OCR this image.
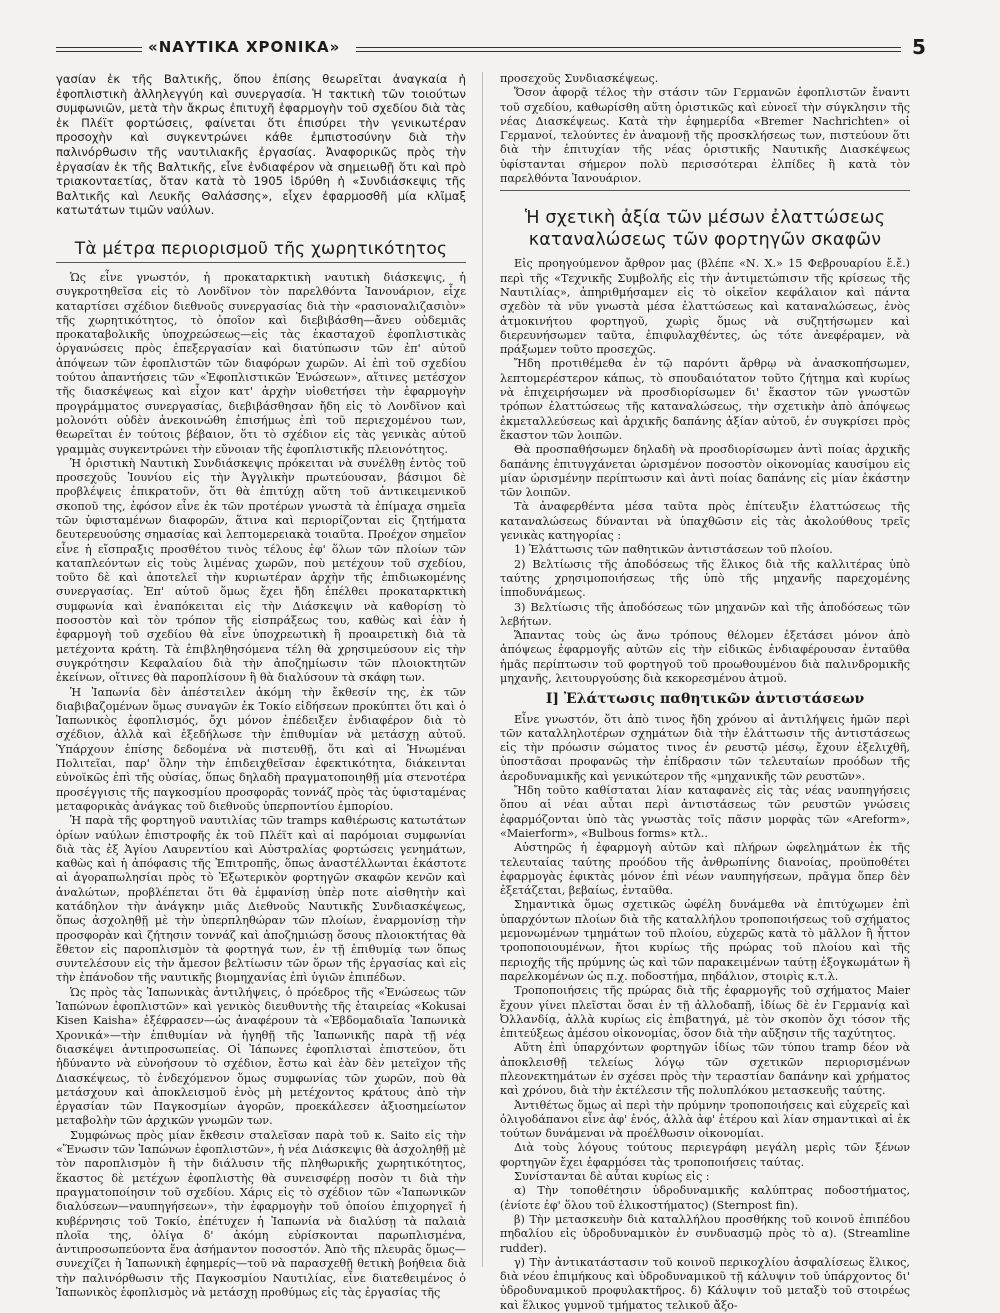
«ΝΑΥΤΙΚΑ ΧΡΟΝΙΚΑ»	5

γασίαν ἐκ τῆς Βαλτικῆς, ὅπου ἐπίσης θεωρεῖται ἀναγκαία ἡ ἐφοπλιστικὴ ἀλληλεγγύη καὶ συνεργασία. Ἡ τακτικὴ τῶν τοιούτων συμφωνιῶν, μετὰ τὴν ἄκρως ἐπιτυχῆ ἐφαρμογὴν τοῦ σχεδίου διὰ τὰς ἐκ Πλέϊτ φορτώσεις, φαίνεται ὅτι ἐπισύρει τὴν γενικωτέραν προσοχὴν καὶ συγκεντρώνει κάθε ἐμπιστοσύνην διὰ τὴν παλινόρθωσιν τῆς ναυτιλιακῆς ἐργασίας. Ἀναφορικῶς πρὸς τὴν ἐργασίαν ἐκ τῆς Βαλτικῆς, εἶνε ἐνδιαφέρον νὰ σημειωθῇ ὅτι καὶ πρὸ τριακονταετίας, ὅταν κατὰ τὸ 1905 ἱδρύθη ἡ «Συνδιάσκεψις τῆς Βαλτικῆς καὶ Λευκῆς Θαλάσσης», εἶχεν ἐφαρμοσθῆ μία κλῖμαξ κατωτάτων τιμῶν ναύλων.

Τὰ μέτρα περιορισμοῦ τῆς χωρητικότητος

Ὡς εἶνε γνωστόν, ἡ προκαταρκτικὴ ναυτικὴ διάσκεψις, ἡ συγκροτηθεῖσα εἰς τὸ Λονδῖνον τὸν παρελθόντα Ἰανουάριον, εἶχε καταρτίσει σχέδιον διεθνοῦς συνεργασίας διὰ τὴν «ρασιοναλιζασιὸν» τῆς χωρητικότητος, τὸ ὁποῖον καὶ διεβιβάσθη—ἄνευ οὐδεμιᾶς προκαταβολικῆς ὑποχρεώσεως—εἰς τὰς ἑκασταχοῦ ἐφοπλιστικὰς ὀργανώσεις πρὸς ἐπεξεργασίαν καὶ διατύπωσιν τῶν ἐπ' αὐτοῦ ἀπόψεων τῶν ἐφοπλιστῶν τῶν διαφόρων χωρῶν. Αἱ ἐπὶ τοῦ σχεδίου τούτου ἀπαντήσεις τῶν «Ἐφοπλιστικῶν Ἑνώσεων», αἵτινες μετέσχον τῆς διασκέψεως καὶ εἶχον κατ' ἀρχὴν υἱοθετήσει τὴν ἐφαρμογὴν προγράμματος συνεργασίας, διεβιβάσθησαν ἤδη εἰς τὸ Λονδῖνον καὶ μολονότι οὐδὲν ἀνεκοινώθη ἐπισήμως ἐπὶ τοῦ περιεχομένου των, θεωρεῖται ἐν τούτοις βέβαιον, ὅτι τὸ σχέδιον εἰς τὰς γενικὰς αὐτοῦ γραμμὰς συγκεντρώνει τὴν εὔνοιαν τῆς ἐφοπλιστικῆς πλειονότητος.

Ἡ ὁριστικὴ Ναυτικὴ Συνδιάσκεψις πρόκειται νὰ συνέλθῃ ἐντὸς τοῦ προσεχοῦς Ἰουνίου εἰς τὴν Ἀγγλικὴν πρωτεύουσαν, βάσιμοι δὲ προβλέψεις ἐπικρατοῦν, ὅτι θὰ ἐπιτύχῃ αὕτη τοῦ ἀντικειμενικοῦ σκοποῦ της, ἐφόσον εἶνε ἐκ τῶν προτέρων γνωστὰ τὰ ἐπίμαχα σημεῖα τῶν ὑφισταμένων διαφορῶν, ἅτινα καὶ περιορίζονται εἰς ζητήματα δευτερευούσης σημασίας καὶ λεπτομερειακὰ τοιαῦτα. Προέχον σημεῖον εἶνε ἡ εἴσπραξις προσθέτου τινὸς τέλους ἐφ' ὅλων τῶν πλοίων τῶν καταπλεόντων εἰς τοὺς λιμένας χωρῶν, ποὺ μετέχουν τοῦ σχεδίου, τοῦτο δὲ καὶ ἀποτελεῖ τὴν κυριωτέραν ἀρχὴν τῆς ἐπιδιωκομένης συνεργασίας. Ἐπ' αὐτοῦ ὅμως ἔχει ἤδη ἐπέλθει προκαταρκτικὴ συμφωνία καὶ ἐναπόκειται εἰς τὴν Διάσκεψιν νὰ καθορίσῃ τὸ ποσοστὸν καὶ τὸν τρόπον τῆς εἰσπράξεως του, καθὼς καὶ ἐὰν ἡ ἐφαρμογὴ τοῦ σχεδίου θὰ εἶνε ὑποχρεωτικὴ ἢ προαιρετικὴ διὰ τὰ μετέχοντα κράτη. Τὰ ἐπιβληθησόμενα τέλη θὰ χρησιμεύσουν εἰς τὴν συγκρότησιν Κεφαλαίου διὰ τὴν ἀποζημίωσιν τῶν πλοιοκτητῶν ἐκείνων, οἵτινες θὰ παροπλίσουν ἢ θὰ διαλύσουν τὰ σκάφη των.

Ἡ Ἰαπωνία δὲν ἀπέστειλεν ἀκόμη τὴν ἔκθεσίν της, ἐκ τῶν διαβιβαζομένων ὅμως συναγῶν ἐκ Τοκίο εἰδήσεων προκύπτει ὅτι καὶ ὁ Ἰαπωνικὸς ἐφοπλισμός, ὄχι μόνον ἐπέδειξεν ἐνδιαφέρον διὰ τὸ σχέδιον, ἀλλὰ καὶ ἐξεδήλωσε τὴν ἐπιθυμίαν νὰ μετάσχῃ αὐτοῦ. Ὑπάρχουν ἐπίσης δεδομένα νὰ πιστευθῇ, ὅτι καὶ αἱ Ἡνωμέναι Πολιτεῖαι, παρ' ὅλην τὴν ἐπιδειχθεῖσαν ἐφεκτικότητα, διάκεινται εὐνοϊκῶς ἐπὶ τῆς οὐσίας, ὅπως δηλαδὴ πραγματοποιηθῇ μία στενοτέρα προσέγγισις τῆς παγκοσμίου προσφορᾶς τοννάζ πρὸς τὰς ὑφισταμένας μεταφορικὰς ἀνάγκας τοῦ διεθνοῦς ὑπερποντίου ἐμπορίου.

Ἡ παρὰ τῆς φορτηγοῦ ναυτιλίας τῶν tramps καθιέρωσις κατωτάτων ὁρίων ναύλων ἐπιστροφῆς ἐκ τοῦ Πλέϊτ καὶ αἱ παρόμοιαι συμφωνίαι διὰ τὰς ἐξ Ἁγίου Λαυρεντίου καὶ Αὐστραλίας φορτώσεις γενημάτων, καθὼς καὶ ἡ ἀπόφασις τῆς Ἐπιτροπῆς, ὅπως ἀναστέλλωνται ἑκάστοτε αἱ ἀγοραπωλησίαι πρὸς τὸ Ἐξωτερικὸν φορτηγῶν σκαφῶν κενῶν καὶ ἀναλώτων, προβλέπεται ὅτι θὰ ἐμφανίσῃ ὑπὲρ ποτε αἰσθητὴν καὶ κατάδηλον τὴν ἀνάγκην μιᾶς Διεθνοῦς Ναυτικῆς Συνδιασκέψεως, ὅπως ἀσχοληθῇ μὲ τὴν ὑπερπληθώραν τῶν πλοίων, ἐναρμονίσῃ τὴν προσφορὰν καὶ ζήτησιν τοννάζ καὶ ἀποζημιώσῃ ὅσους πλοιοκτήτας θὰ ἔθετον εἰς παροπλισμὸν τὰ φορτηγά των, ἐν τῇ ἐπιθυμίᾳ των ὅπως συντελέσουν εἰς τὴν ἄμεσον βελτίωσιν τῶν ὅρων τῆς ἐργασίας καὶ εἰς τὴν ἐπάνοδον τῆς ναυτικῆς βιομηχανίας ἐπὶ ὑγιῶν ἐπιπέδων.

Ὡς πρὸς τὰς Ἰαπωνικὰς ἀντιλήψεις, ὁ πρόεδρος τῆς «Ἑνώσεως τῶν Ἰαπώνων ἐφοπλιστῶν» καὶ γενικὸς διευθυντὴς τῆς ἑταιρείας «Kokusai Kisen Kaisha» ἐξέφρασεν—ὡς ἀναφέρουν τὰ «Ἑβδομαδιαῖα Ἰαπωνικὰ Χρονικά»—τὴν ἐπιθυμίαν νὰ ἡγηθῇ τῆς Ἰαπωνικῆς παρὰ τῇ νέᾳ διασκέψει ἀντιπροσωπείας. Οἱ Ἰάπωνες ἐφοπλισταὶ ἐπιστεύον, ὅτι ἠδύναντο νὰ εὐνοήσουν τὸ σχέδιον, ἔστω καὶ ἐὰν δὲν μετεῖχον τῆς Διασκέψεως, τὸ ἐνδεχόμενον ὅμως συμφωνίας τῶν χωρῶν, ποὺ θὰ μετάσχουν καὶ ἀποκλεισμοῦ ἑνὸς μὴ μετέχοντος κράτους ἀπὸ τὴν ἐργασίαν τῶν Παγκοσμίων ἀγορῶν, προεκάλεσεν ἀξιοσημείωτον μεταβολὴν τῶν ἀρχικῶν γνωμῶν των.

Συμφώνως πρὸς μίαν ἔκθεσιν σταλεῖσαν παρὰ τοῦ κ. Saito εἰς τὴν «Ἕνωσιν τῶν Ἰαπώνων ἐφοπλιστῶν», ἡ νέα Διάσκεψις θὰ ἀσχοληθῇ μὲ τὸν παροπλισμὸν ἢ τὴν διάλυσιν τῆς πληθωρικῆς χωρητικότητος, ἕκαστος δὲ μετέχων ἐφοπλιστὴς θὰ συνεισφέρῃ ποσὸν τι διὰ τὴν πραγματοποίησιν τοῦ σχεδίου. Χάρις εἰς τὸ σχέδιον τῶν «Ἰαπωνικῶν διαλύσεων—ναυπηγήσεων», τὴν ἐφαρμογὴν τοῦ ὁποίου ἐπιχορηγεῖ ἡ κυβέρνησις τοῦ Τοκίο, ἐπέτυχεν ἡ Ἰαπωνία νὰ διαλύσῃ τὰ παλαιὰ πλοῖα της, ὀλίγα δ' ἀκόμη εὑρίσκονται παρωπλισμένα, ἀντιπροσωπεύοντα ἕνα ἀσήμαντον ποσοστόν. Ἀπὸ τῆς πλευρᾶς ὅμως—συνεχίζει ἡ Ἰαπωνικὴ ἐφημερίς—τοῦ νὰ παρασχεθῇ θετικὴ βοήθεια διὰ τὴν παλινόρθωσιν τῆς Παγκοσμίου Ναυτιλίας, εἶνε διατεθειμένος ὁ Ἰαπωνικὸς ἐφοπλισμὸς νὰ μετάσχῃ προθύμως εἰς τὰς ἐργασίας τῆς

προσεχοῦς Συνδιασκέψεως.

Ὅσον ἀφορᾷ τέλος τὴν στάσιν τῶν Γερμανῶν ἐφοπλιστῶν ἔναντι τοῦ σχεδίου, καθωρίσθη αὕτη ὁριστικῶς καὶ εὐνοεῖ τὴν σύγκλησιν τῆς νέας Διασκέψεως. Κατὰ τὴν ἐφημερίδα «Bremer Nachrichten» οἱ Γερμανοί, τελούντες ἐν ἀναμονῇ τῆς προσκλήσεως των, πιστεύουν ὅτι διὰ τὴν ἐπιτυχίαν τῆς νέας ὁριστικῆς Ναυτικῆς Διασκέψεως ὑφίστανται σήμερον πολὺ περισσότεραι ἐλπίδες ἢ κατὰ τὸν παρελθόντα Ἰανουάριον.

Ἡ σχετικὴ ἀξία τῶν μέσων ἐλαττώσεως καταναλώσεως τῶν φορτηγῶν σκαφῶν

Εἰς προηγούμενον ἄρθρον μας (βλέπε «Ν. Χ.» 15 Φεβρουαρίου ἔ.ἔ.) περὶ τῆς «Τεχνικῆς Συμβολῆς εἰς τὴν ἀντιμετώπισιν τῆς κρίσεως τῆς Ναυτιλίας», ἀπηριθμήσαμεν εἰς τὸ οἰκεῖον κεφάλαιον καὶ πάντα σχεδὸν τὰ νῦν γνωστὰ μέσα ἐλαττώσεως καὶ καταναλώσεως, ἑνὸς ἀτμοκινήτου φορτηγοῦ, χωρὶς ὅμως νὰ συζητήσωμεν καὶ διερευνήσωμεν ταῦτα, ἐπιφυλαχθέντες, ὡς τότε ἀνεφέραμεν, νὰ πράξωμεν τοῦτο προσεχῶς.

Ἤδη προτιθέμεθα ἐν τῷ παρόντι ἄρθρῳ νὰ ἀνασκοπήσωμεν, λεπτομερέστερον κάπως, τὸ σπουδαιότατον τοῦτο ζήτημα καὶ κυρίως νὰ ἐπιχειρήσωμεν νὰ προσδιορίσωμεν δι' ἕκαστον τῶν γνωστῶν τρόπων ἐλαττώσεως τῆς καταναλώσεως, τὴν σχετικὴν ἀπὸ ἀπόψεως ἐκμεταλλεύσεως καὶ ἀρχικῆς δαπάνης ἀξίαν αὐτοῦ, ἐν συγκρίσει πρὸς ἕκαστον τῶν λοιπῶν.

Θὰ προσπαθήσωμεν δηλαδὴ νὰ προσδιορίσωμεν ἀντὶ ποίας ἀρχικῆς δαπάνης ἐπιτυγχάνεται ὡρισμένον ποσοστὸν οἰκονομίας καυσίμου εἰς μίαν ὡρισμένην περίπτωσιν καὶ ἀντὶ ποίας δαπάνης εἰς μίαν ἑκάστην τῶν λοιπῶν.

Τὰ ἀναφερθέντα μέσα ταῦτα πρὸς ἐπίτευξιν ἐλαττώσεως τῆς καταναλώσεως δύνανται νὰ ὑπαχθῶσιν εἰς τὰς ἀκολούθους τρεῖς γενικὰς κατηγορίας :

1) Ἐλάττωσις τῶν παθητικῶν ἀντιστάσεων τοῦ πλοίου.
2) Βελτίωσις τῆς ἀποδόσεως τῆς ἕλικος διὰ τῆς καλλιτέρας ὑπὸ ταύτης χρησιμοποιήσεως τῆς ὑπὸ τῆς μηχανῆς παρεχομένης ἱπποδυνάμεως.
3) Βελτίωσις τῆς ἀποδόσεως τῶν μηχανῶν καὶ τῆς ἀποδόσεως τῶν λεβήτων.

Ἅπαντας τοὺς ὡς ἄνω τρόπους θέλομεν ἐξετάσει μόνον ἀπὸ ἀπόψεως ἐφαρμογῆς αὐτῶν εἰς τὴν εἰδικῶς ἐνδιαφέρουσαν ἐνταῦθα ἡμᾶς περίπτωσιν τοῦ φορτηγοῦ τοῦ προωθουμένου διὰ παλινδρομικῆς μηχανῆς, λειτουργούσης διὰ κεκορεσμένου ἀτμοῦ.

Ι] Ἐλάττωσις παθητικῶν ἀντιστάσεων

Εἶνε γνωστόν, ὅτι ἀπὸ τινος ἤδη χρόνου αἱ ἀντιλήψεις ἡμῶν περὶ τῶν καταλληλοτέρων σχημάτων διὰ τὴν ἐλάττωσιν τῆς ἀντιστάσεως εἰς τὴν πρόωσιν σώματος τινος ἐν ρευστῷ μέσῳ, ἔχουν ἐξελιχθῆ, ὑποστᾶσαι προφανῶς τὴν ἐπίδρασιν τῶν τελευταίων προόδων τῆς ἀεροδυναμικῆς καὶ γενικώτερον τῆς «μηχανικῆς τῶν ρευστῶν».

Ἤδη τοῦτο καθίσταται λίαν καταφανὲς εἰς τὰς νέας ναυπηγήσεις ὅπου αἱ νέαι αὗται περὶ ἀντιστάσεως τῶν ρευστῶν γνώσεις ἐφαρμόζονται ὑπὸ τὰς γνωστὰς τοῖς πᾶσιν μορφὰς τῶν «Areform», «Maierform», «Bulbous forms» κτλ..

Αὐστηρῶς ἡ ἐφαρμογὴ αὐτῶν καὶ πλήρων ὠφελημάτων ἐκ τῆς τελευταίας ταύτης προόδου τῆς ἀνθρωπίνης διανοίας, προϋποθέτει ἐφαρμογὰς ἐφικτὰς μόνον ἐπὶ νέων ναυπηγήσεων, πρᾶγμα ὅπερ δὲν ἐξετάζεται, βεβαίως, ἐνταῦθα.

Σημαντικὰ ὅμως σχετικῶς ὠφέλη δυνάμεθα νὰ ἐπιτύχωμεν ἐπὶ ὑπαρχόντων πλοίων διὰ τῆς καταλλήλου τροποποιήσεως τοῦ σχήματος μεμονωμένων τμημάτων τοῦ πλοίου, εὐχερῶς κατὰ τὸ μᾶλλον ἢ ἧττον τροποποιουμένων, ἤτοι κυρίως τῆς πρώρας τοῦ πλοίου καὶ τῆς περιοχῆς τῆς πρύμνης ὡς καὶ τῶν παρακειμένων ταύτῃ ἐξογκωμάτων ἢ παρελκομένων ὡς π.χ. ποδοστήμα, πηδάλιον, στοιρὶς κ.τ.λ.

Τροποποιήσεις τῆς πρώρας διὰ τῆς ἐφαρμογῆς τοῦ σχήματος Maier ἔχουν γίνει πλεῖσται ὅσαι ἐν τῇ ἀλλοδαπῇ, ἰδίως δὲ ἐν Γερμανίᾳ καὶ Ὀλλανδίᾳ, ἀλλὰ κυρίως εἰς ἐπιβατηγά, μὲ τὸν σκοπὸν ὄχι τόσον τῆς ἐπιτεύξεως ἀμέσου οἰκονομίας, ὅσον διὰ τὴν αὔξησιν τῆς ταχύτητος.

Αὕτη ἐπὶ ὑπαρχόντων φορτηγῶν ἰδίως τῶν τύπου tramp δέον νὰ ἀποκλεισθῇ τελείως λόγῳ τῶν σχετικῶν περιορισμένων πλεονεκτημάτων ἐν σχέσει πρὸς τὴν τεραστίαν δαπάνην καὶ χρήματος καὶ χρόνου, διὰ τὴν ἐκτέλεσιν τῆς πολυπλόκου μετασκευῆς ταύτης.

Ἀντιθέτως ὅμως αἱ περὶ τὴν πρύμνην τροποποιήσεις καὶ εὐχερεῖς καὶ ὀλιγοδάπανοι εἶνε ἀφ' ἑνός, ἀλλὰ ἀφ' ἑτέρου καὶ λίαν σημαντικαὶ αἱ ἐκ τούτων δυνάμεναι νὰ προέλθωσιν οἰκονομίαι.

Διὰ τοὺς λόγους τούτους περιεγράφη μεγάλη μερὶς τῶν ξένων φορτηγῶν ἔχει ἐφαρμόσει τὰς τροποποιήσεις ταύτας.

Συνίστανται δὲ αὗται κυρίως εἰς :

α) Τὴν τοποθέτησιν ὑδροδυναμικῆς καλύπτρας ποδοστήματος, (ἐνίοτε ἐφ' ὅλου τοῦ ἑλικοστήματος) (Sternpost fin).
β) Τὴν μετασκευὴν διὰ καταλλήλου προσθήκης τοῦ κοινοῦ ἐπιπέδου πηδαλίου εἰς ὑδροδυναμικὸν ἐν συνδυασμῷ πρὸς τὸ α). (Streamline rudder).
γ) Τὴν ἀντικατάστασιν τοῦ κοινοῦ περικοχλίου ἀσφαλίσεως ἕλικος, διὰ νέου ἐπιμήκους καὶ ὑδροδυναμικοῦ τῇ κάλυψιν τοῦ ὑπάρχοντος δι' ὑδροδυναμικοῦ προφυλακτῆρος. δ) Κάλυψιν τοῦ μεταξὺ τοῦ στοιρέως καὶ ἕλικος γυμνοῦ τμήματος τελικοῦ ἄξο-
